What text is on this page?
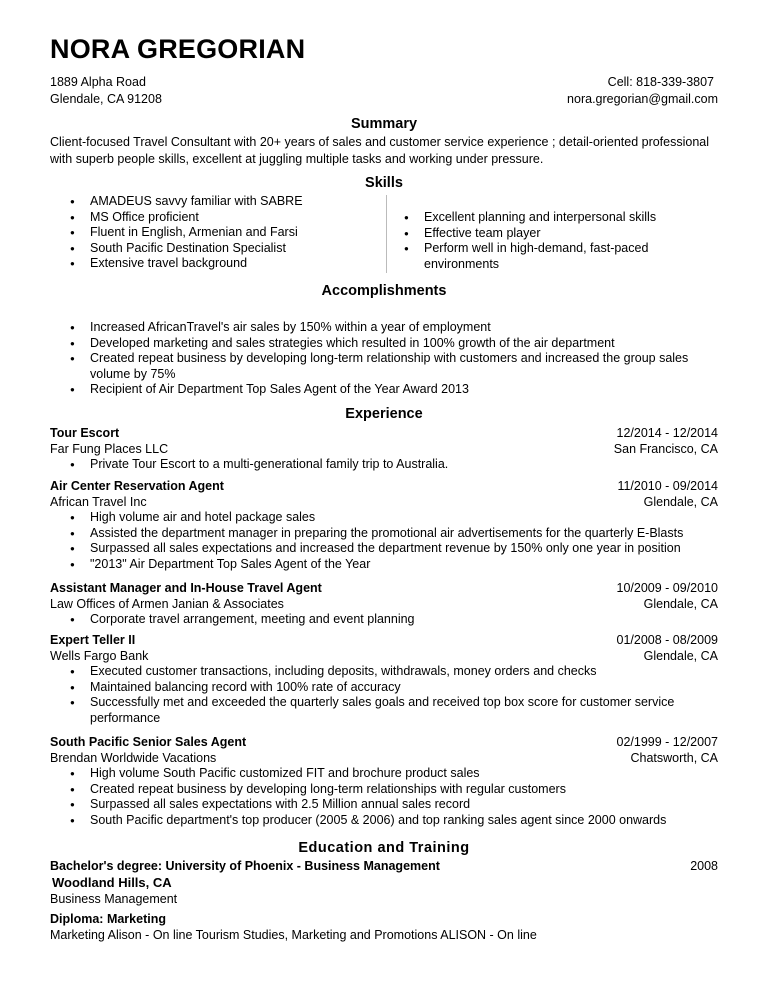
NORA GREGORIAN
1889 Alpha Road
Glendale, CA 91208
Cell: 818-339-3807
nora.gregorian@gmail.com
Summary
Client-focused Travel Consultant with 20+ years of sales and customer service experience ; detail-oriented professional
with superb people skills, excellent at juggling multiple tasks and working under pressure.
Skills
● AMADEUS savvy familiar with SABRE
● MS Office proficient
● Fluent in English, Armenian and Farsi
● South Pacific Destination Specialist
● Extensive travel background
● Excellent planning and interpersonal skills
● Effective team player
● Perform well in high-demand, fast-paced
environments
Accomplishments
● Increased AfricanTravel's air sales by 150% within a year of employment
● Developed marketing and sales strategies which resulted in 100% growth of the air department
● Created repeat business by developing long-term relationship with customers and increased the group sales
volume by 75%
● Recipient of Air Department Top Sales Agent of the Year Award 2013
Experience
Tour Escort	12/2014 - 12/2014
Far Fung Places LLC	San Francisco, CA
● Private Tour Escort to a multi-generational family trip to Australia.
Air Center Reservation Agent	11/2010 - 09/2014
African Travel Inc	Glendale, CA
● High volume air and hotel package sales
● Assisted the department manager in preparing the promotional air advertisements for the quarterly E-Blasts
● Surpassed all sales expectations and increased the department revenue by 150% only one year in position
● "2013" Air Department Top Sales Agent of the Year
Assistant Manager and In-House Travel Agent	10/2009 - 09/2010
Law Offices of Armen Janian & Associates	Glendale, CA
● Corporate travel arrangement, meeting and event planning
Expert Teller II	01/2008 - 08/2009
Wells Fargo Bank	Glendale, CA
● Executed customer transactions, including deposits, withdrawals, money orders and checks
● Maintained balancing record with 100% rate of accuracy
● Successfully met and exceeded the quarterly sales goals and received top box score for customer service
performance
South Pacific Senior Sales Agent	02/1999 - 12/2007
Brendan Worldwide Vacations	Chatsworth, CA
● High volume South Pacific customized FIT and brochure product sales
● Created repeat business by developing long-term relationships with regular customers
● Surpassed all sales expectations with 2.5 Million annual sales record
● South Pacific department's top producer (2005 & 2006) and top ranking sales agent since 2000 onwards
Education and Training
Bachelor's degree: University of Phoenix - Business Management	2008
Woodland Hills, CA
Business Management
Diploma: Marketing
Marketing Alison - On line Tourism Studies, Marketing and Promotions ALISON - On line
